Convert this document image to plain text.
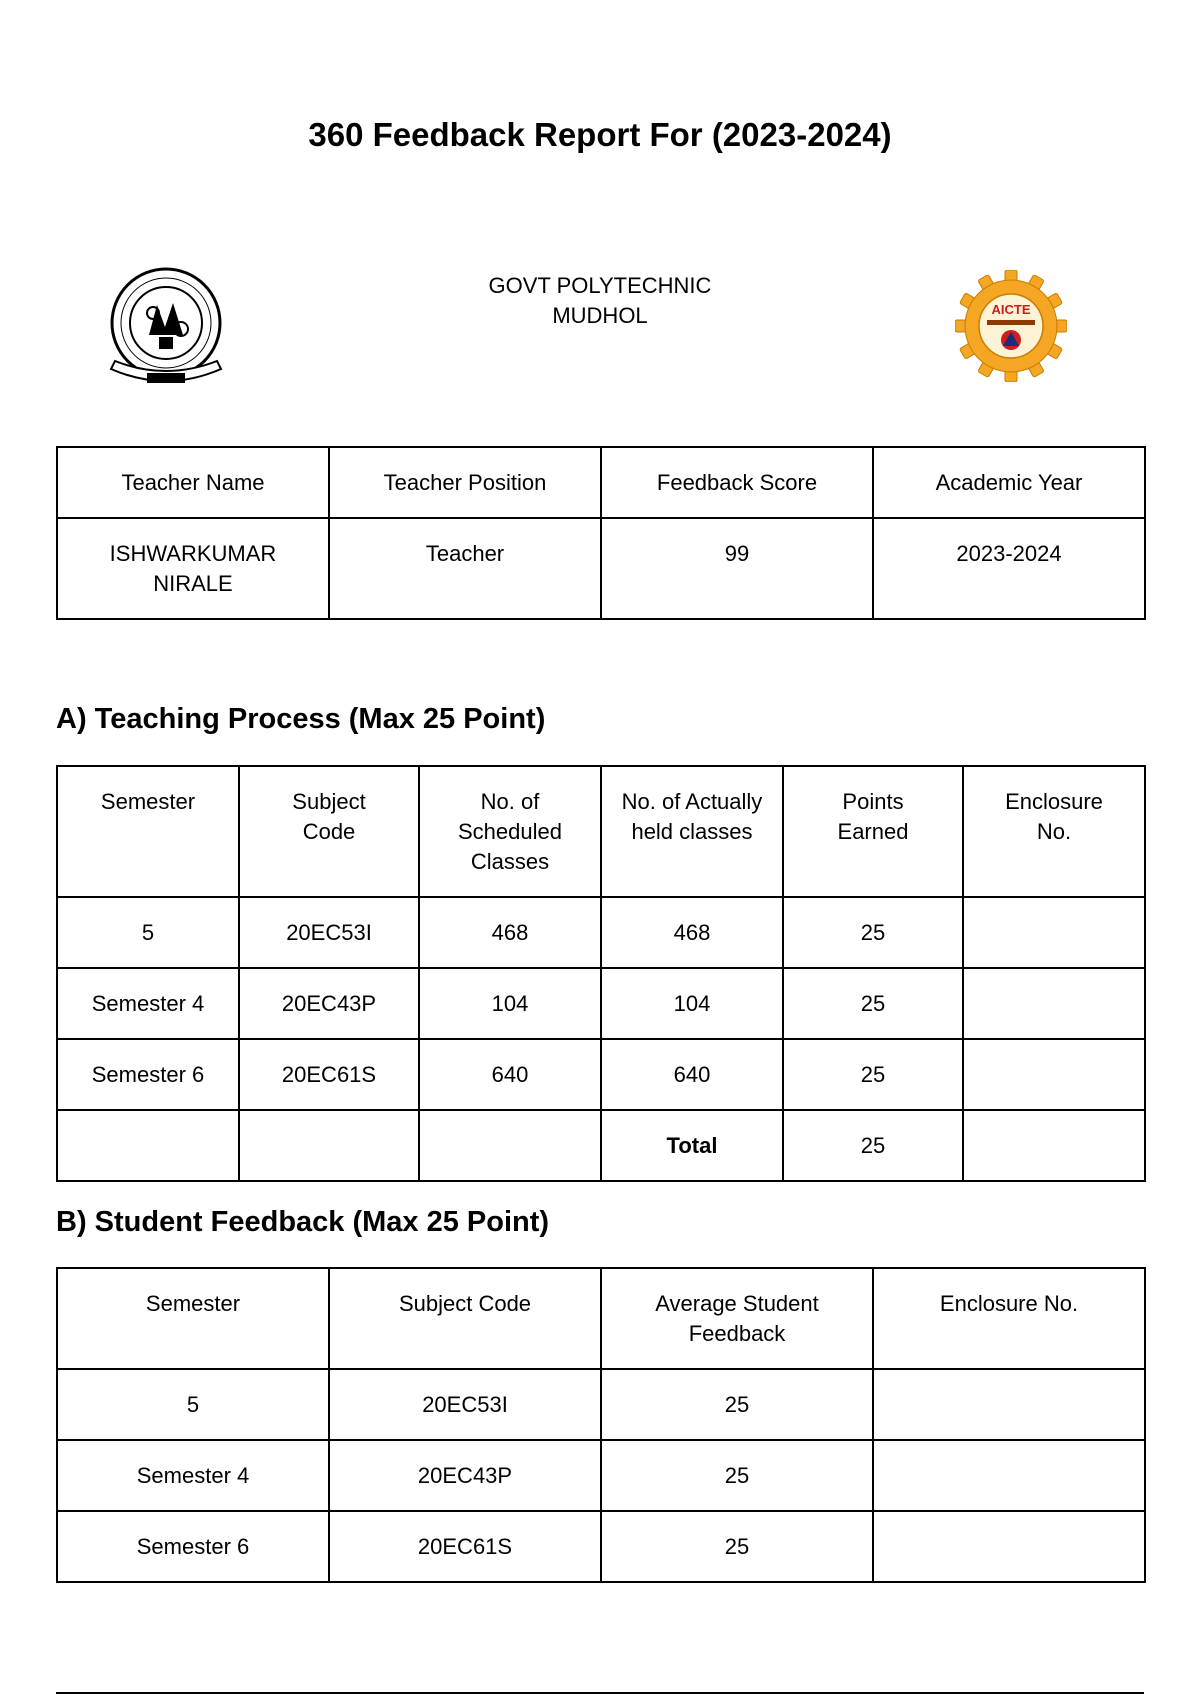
360 Feedback Report For (2023-2024)
GOVT POLYTECHNIC
MUDHOL	AICTE
Teacher Name	Teacher Position	Feedback Score	Academic Year
ISHWARKUMAR NIRALE	Teacher	99	2023-2024
A) Teaching Process (Max 25 Point)
Semester	Subject Code	No. of Scheduled Classes	No. of Actually held classes	Points Earned	Enclosure No.
5	20EC53I	468	468	25	
Semester 4	20EC43P	104	104	25	
Semester 6	20EC61S	640	640	25	
			Total	25	
B) Student Feedback (Max 25 Point)
Semester	Subject Code	Average Student Feedback	Enclosure No.
5	20EC53I	25	
Semester 4	20EC43P	25	
Semester 6	20EC61S	25	
